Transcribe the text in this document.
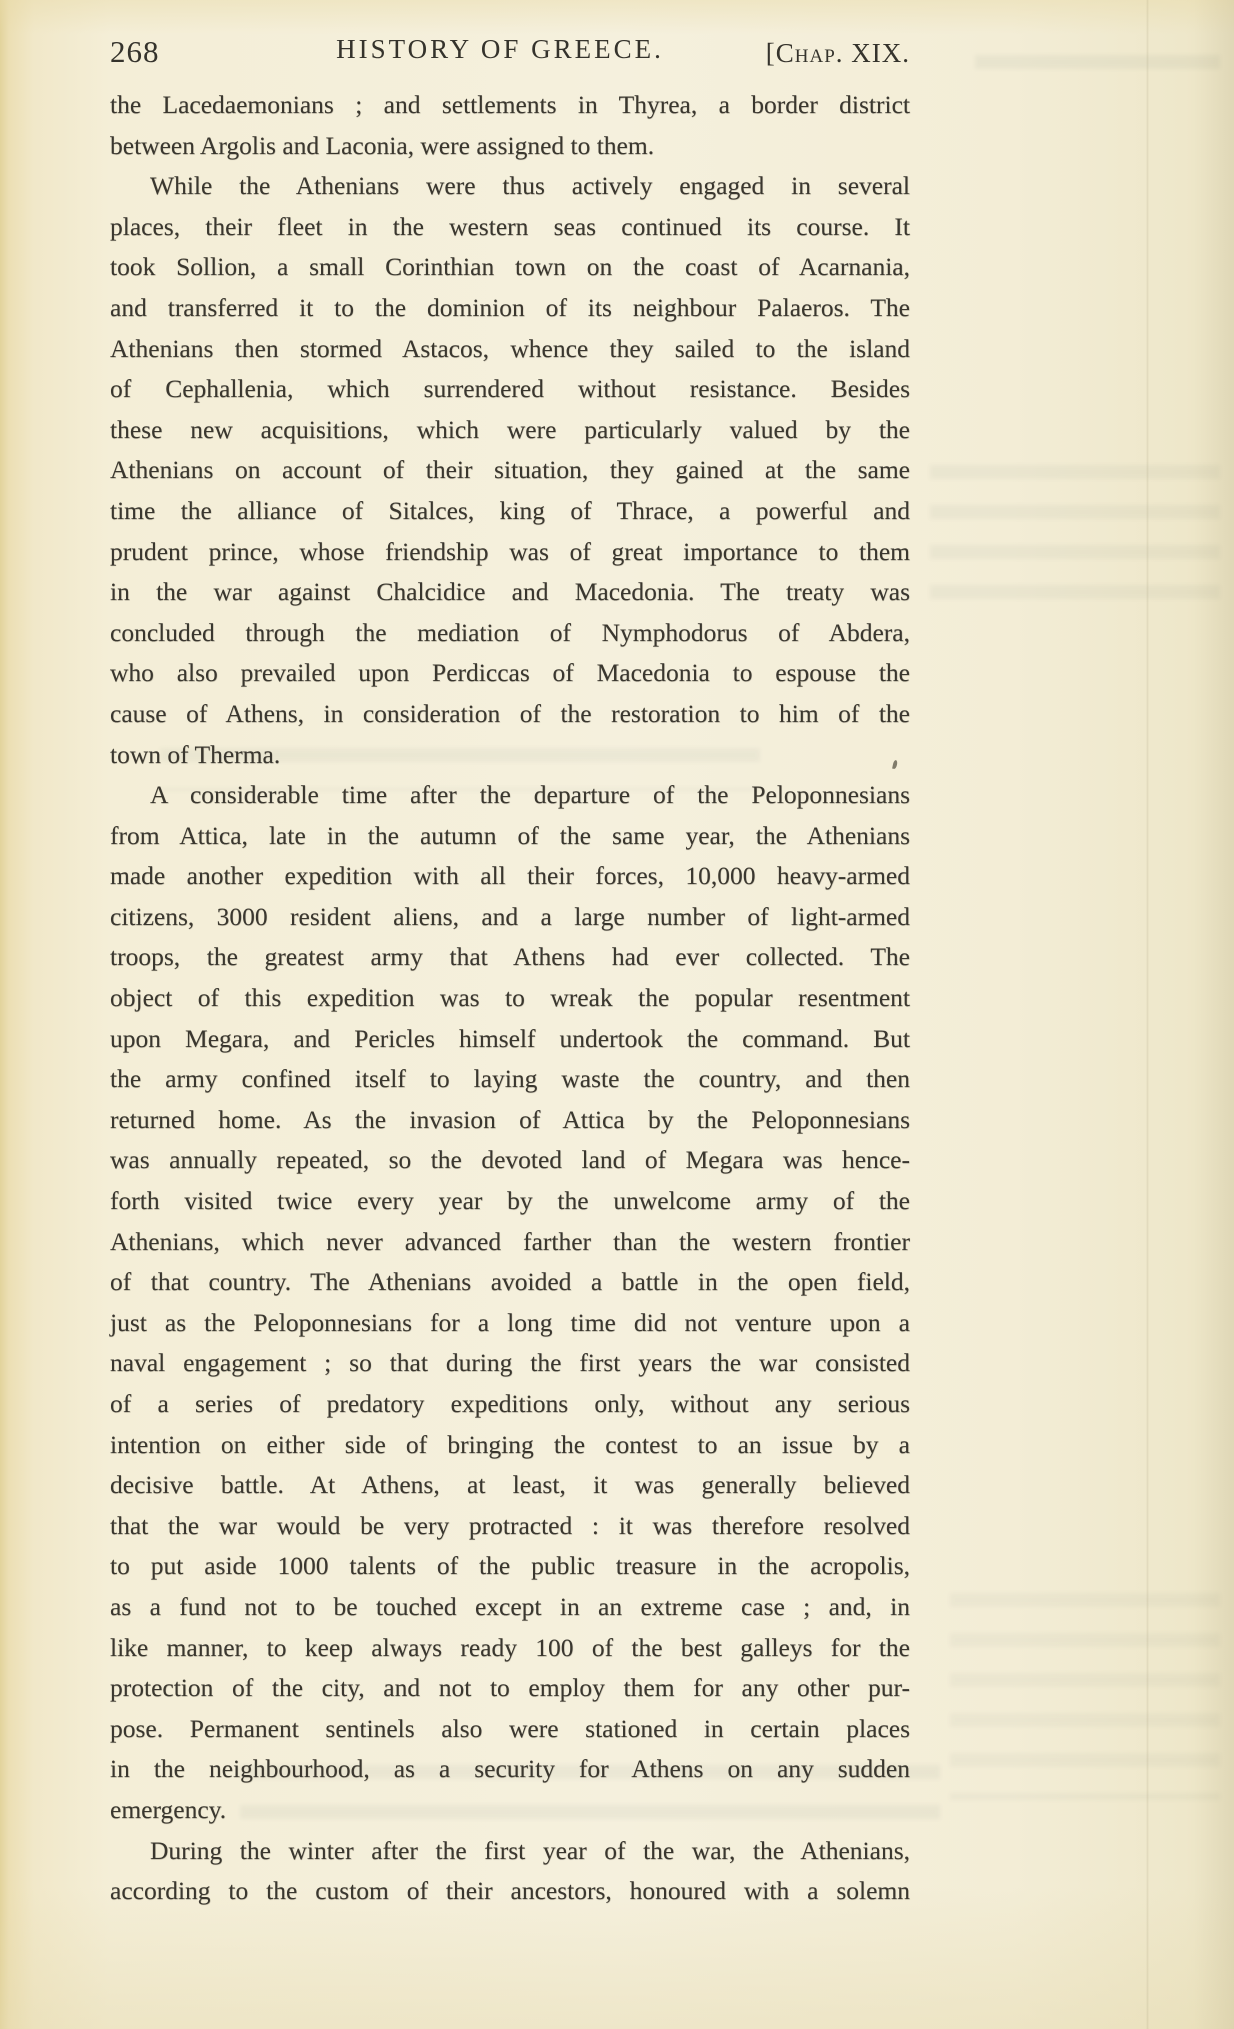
268	HISTORY OF GREECE.	[Chap. XIX.
the Lacedaemonians ; and settlements in Thyrea, a border district
between Argolis and Laconia, were assigned to them.
While the Athenians were thus actively engaged in several
places, their fleet in the western seas continued its course. It
took Sollion, a small Corinthian town on the coast of Acarnania,
and transferred it to the dominion of its neighbour Palaeros. The
Athenians then stormed Astacos, whence they sailed to the island
of Cephallenia, which surrendered without resistance. Besides
these new acquisitions, which were particularly valued by the
Athenians on account of their situation, they gained at the same
time the alliance of Sitalces, king of Thrace, a powerful and
prudent prince, whose friendship was of great importance to them
in the war against Chalcidice and Macedonia. The treaty was
concluded through the mediation of Nymphodorus of Abdera,
who also prevailed upon Perdiccas of Macedonia to espouse the
cause of Athens, in consideration of the restoration to him of the
town of Therma.
A considerable time after the departure of the Peloponnesians
from Attica, late in the autumn of the same year, the Athenians
made another expedition with all their forces, 10,000 heavy-armed
citizens, 3000 resident aliens, and a large number of light-armed
troops, the greatest army that Athens had ever collected. The
object of this expedition was to wreak the popular resentment
upon Megara, and Pericles himself undertook the command. But
the army confined itself to laying waste the country, and then
returned home. As the invasion of Attica by the Peloponnesians
was annually repeated, so the devoted land of Megara was hence-
forth visited twice every year by the unwelcome army of the
Athenians, which never advanced farther than the western frontier
of that country. The Athenians avoided a battle in the open field,
just as the Peloponnesians for a long time did not venture upon a
naval engagement ; so that during the first years the war consisted
of a series of predatory expeditions only, without any serious
intention on either side of bringing the contest to an issue by a
decisive battle. At Athens, at least, it was generally believed
that the war would be very protracted : it was therefore resolved
to put aside 1000 talents of the public treasure in the acropolis,
as a fund not to be touched except in an extreme case ; and, in
like manner, to keep always ready 100 of the best galleys for the
protection of the city, and not to employ them for any other pur-
pose. Permanent sentinels also were stationed in certain places
in the neighbourhood, as a security for Athens on any sudden
emergency.
During the winter after the first year of the war, the Athenians,
according to the custom of their ancestors, honoured with a solemn
